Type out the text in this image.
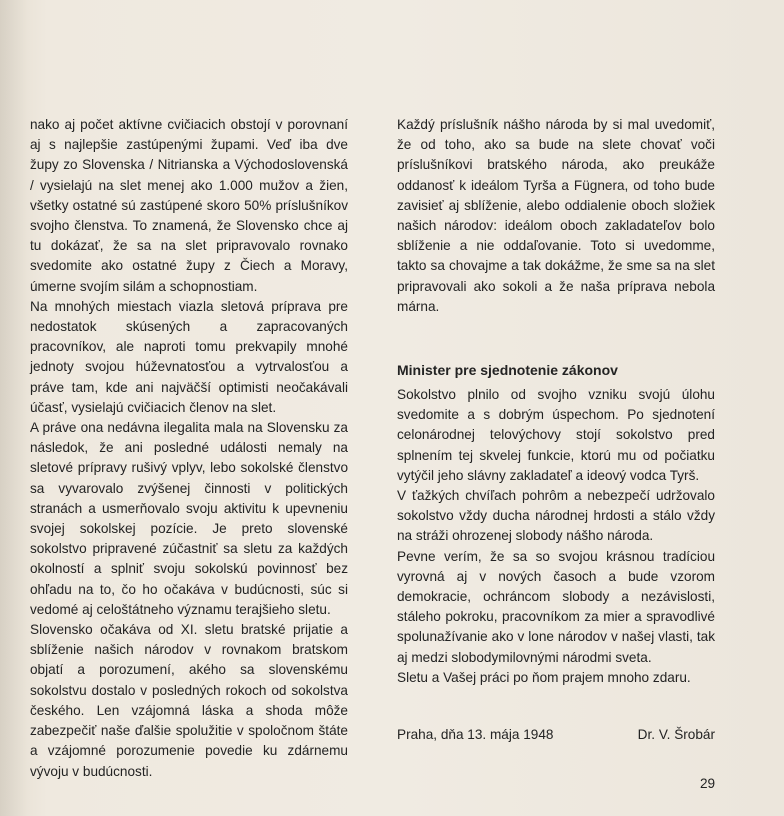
nako aj počet aktívne cvičiacich obstojí v porovnaní aj s najlepšie zastúpenými župami. Veď iba dve župy zo Slovenska / Nitrianska a Východoslovenská / vysielajú na slet menej ako 1.000 mužov a žien, všetky ostatné sú zastúpené skoro 50% príslušníkov svojho členstva. To znamená, že Slovensko chce aj tu dokázať, že sa na slet pripravovalo rovnako svedomite ako ostatné župy z Čiech a Moravy, úmerne svojím silám a schopnostiam.

Na mnohých miestach viazla sletová príprava pre nedostatok skúsených a zapracovaných pracovníkov, ale naproti tomu prekvapily mnohé jednoty svojou húževnatosťou a vytrvalosťou a práve tam, kde ani najväčší optimisti neočakávali účasť, vysielajú cvičiacich členov na slet.

A práve ona nedávna ilegalita mala na Slovensku za následok, že ani posledné události nemaly na sletové prípravy rušivý vplyv, lebo sokolské členstvo sa vyvarovalo zvýšenej činnosti v politických stranách a usmerňovalo svoju aktivitu k upevneniu svojej sokolskej pozície. Je preto slovenské sokolstvo pripravené zúčastniť sa sletu za každých okolností a splniť svoju sokolskú povinnosť bez ohľadu na to, čo ho očakáva v budúcnosti, súc si vedomé aj celoštátneho významu terajšieho sletu.

Slovensko očakáva od XI. sletu bratské prijatie a sblíženie našich národov v rovnakom bratskom objatí a porozumení, akého sa slovenskému sokolstvu dostalo v posledných rokoch od sokolstva českého. Len vzájomná láska a shoda môže zabezpečiť naše ďalšie spolužitie v spoločnom štáte a vzájomné porozumenie povedie ku zdárnemu vývoju v budúcnosti.

Každý príslušník nášho národa by si mal uvedomiť, že od toho, ako sa bude na slete chovať voči príslušníkovi bratského národa, ako preukáže oddanosť k ideálom Tyrša a Fügnera, od toho bude zavisieť aj sblíženie, alebo oddialenie oboch složiek našich národov: ideálom oboch zakladateľov bolo sblíženie a nie oddaľovanie. Toto si uvedomme, takto sa chovajme a tak dokážme, že sme sa na slet pripravovali ako sokoli a že naša príprava nebola márna.

Minister pre sjednotenie zákonov

Sokolstvo plnilo od svojho vzniku svojú úlohu svedomite a s dobrým úspechom. Po sjednotení celonárodnej telovýchovy stojí sokolstvo pred splnením tej skvelej funkcie, ktorú mu od počiatku vytýčil jeho slávny zakladateľ a ideový vodca Tyrš.

V ťažkých chvíľach pohrôm a nebezpečí udržovalo sokolstvo vždy ducha národnej hrdosti a stálo vždy na stráži ohrozenej slobody nášho národa.

Pevne verím, že sa so svojou krásnou tradíciou vyrovná aj v nových časoch a bude vzorom demokracie, ochráncom slobody a nezávislosti, stáleho pokroku, pracovníkom za mier a spravodlivé spolunažívanie ako v lone národov v našej vlasti, tak aj medzi slobodymilovnými národmi sveta.

Sletu a Vašej práci po ňom prajem mnoho zdaru.

Praha, dňa 13. mája 1948	Dr. V. Šrobár
29
